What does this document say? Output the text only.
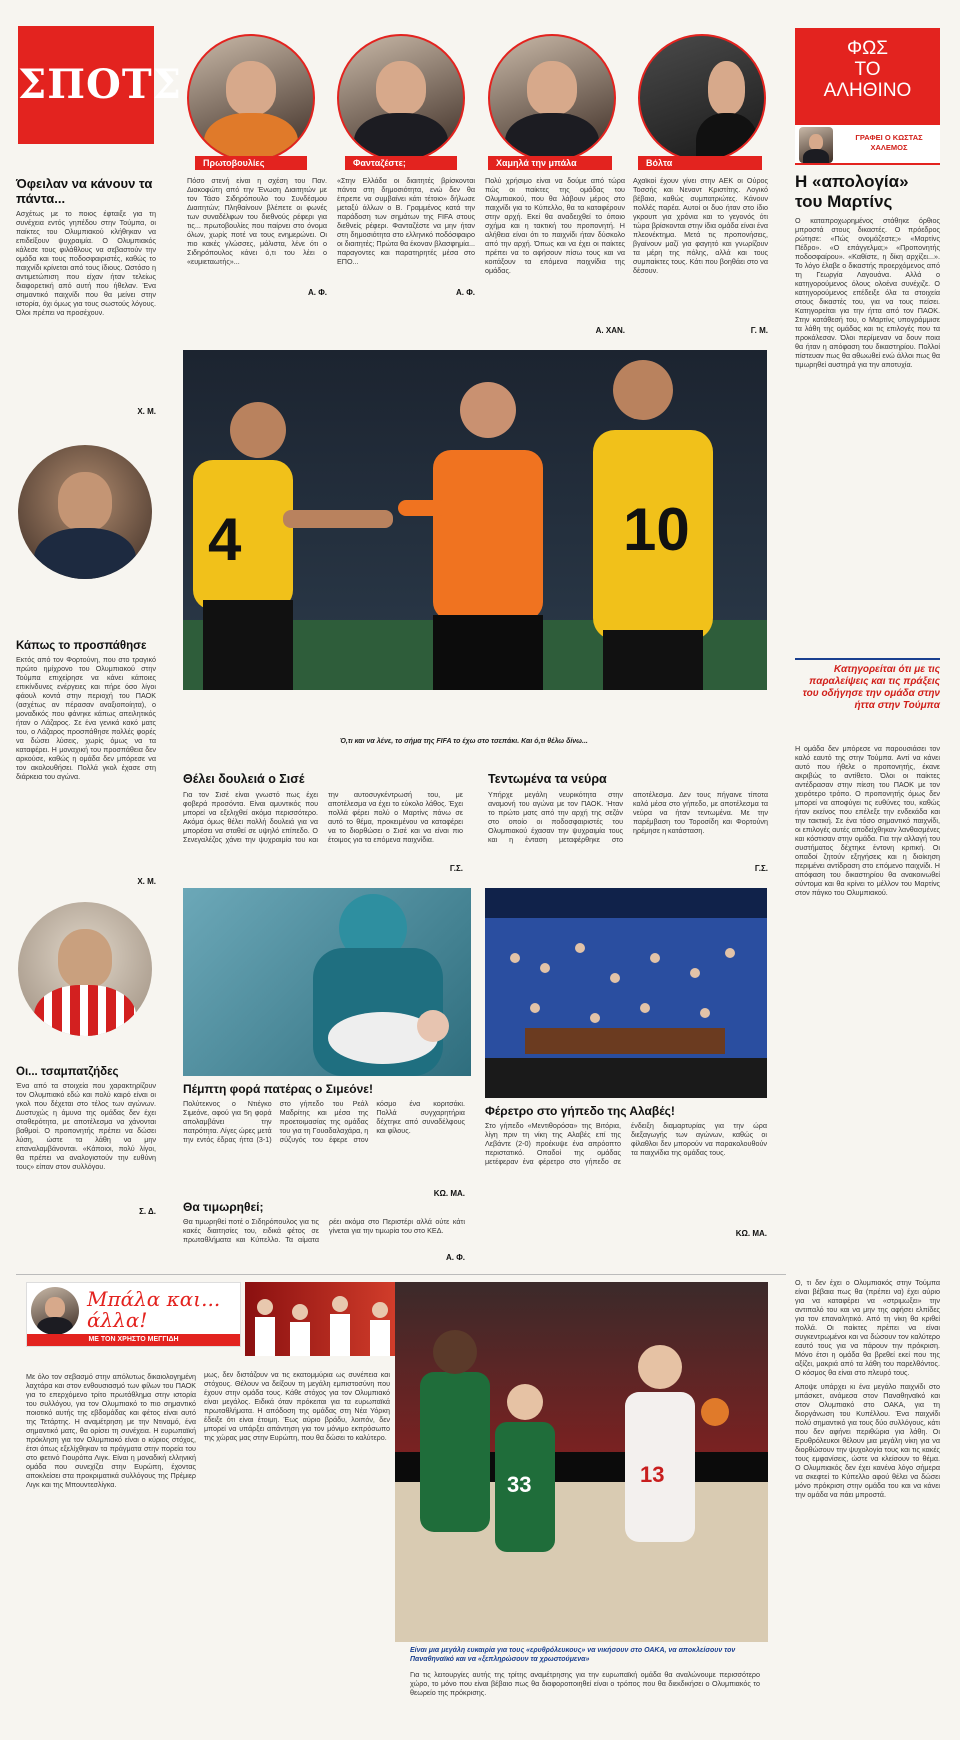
ΣΠΟΤΣ
Πρωτοβουλίες	Φανταζέστε;	Χαμηλά την μπάλα	Βόλτα
Πόσο στενή είναι η σχέση του Παν. Διακοφώτη από την Ένωση Διαιτητών με τον Τάσο Σιδηρόπουλο του Συνδέσμου Διαιτητών; Πληθαίνουν βλέπετε οι φωνές των συναδέλφων του διεθνούς ρέφερι για τις... πρωτοβουλίες που παίρνει στο όνομα όλων, χωρίς ποτέ να τους ενημερώνει. Οι πιο κακές γλώσσες, μάλιστα, λένε ότι ο Σιδηρόπουλος κάνει ό,τι του λέει ο «ευμιεταωτής»...
Α. Φ.
«Στην Ελλάδα οι διαιτητές βρίσκονται πάντα στη δημοσιότητα, ενώ δεν θα έπρεπε να συμβαίνει κάτι τέτοιο» δήλωσε μεταξύ άλλων ο Β. Γραμμένος κατά την παράδοση των σημάτων της FIFA στους διεθνείς ρέφερι. Φανταζέστε να μην ήταν στη δημοσιότητα στο ελληνικό ποδόσφαιρο οι διαιτητές; Πρώτα θα έκοναν βλασφημία... παραγοντες και παρατηρητές μέσα στο ΕΠΟ...
Α. Φ.
Πολύ χρήσιμο είναι να δούμε από τώρα πώς οι παίκτες της ομάδας του Ολυμπιακού, που θα λάβουν μέρος στο παιχνίδι για το Κύπελλο, θα τα καταφέρουν στην αρχή. Εκεί θα αναδειχθεί το όποιο σχήμα και η τακτική του προπονητή. Η αλήθεια είναι ότι το παιχνίδι ήταν δύσκολο από την αρχή. Όπως και να έχει οι παίκτες πρέπει να το αφήσουν πίσω τους και να κοιτάξουν τα επόμενα παιχνίδια της ομάδας.
Α. ΧΑΝ.
Αχαϊκοί έχουν γίνει στην ΑΕΚ οι Ούρος Τοσσής και Νεναντ Κριστίτης. Λογικό βέβαια, καθώς συμπατριώτες. Κάνουν πολλές παρέα. Αυτοί οι δυο ήταν στο ίδιο γκρουπ για χρόνια και το γεγονός ότι τώρα βρίσκονται στην ίδια ομάδα είναι ένα πλεονέκτημα. Μετά τις προπονήσεις, βγαίνουν μαζί για φαγητό και γνωρίζουν τα μέρη της πόλης, αλλά και τους συμπαίκτες τους. Κάτι που βοηθάει στο να δέσουν.
Γ. Μ.
Όφειλαν να κάνουν τα πάντα...
Ασχέτως με το ποιος έφταιξε για τη συνέχεια εντός γηπέδου στην Τούμπα, οι παίκτες του Ολυμπιακού κλήθηκαν να επιδείξουν ψυχραιμία. Ο Ολυμπιακός κάλεσε τους φιλάθλους να σεβαστούν την ομάδα και τους ποδοσφαιριστές, καθώς το παιχνίδι κρίνεται από τους ίδιους. Ωστόσο η αντιμετώπιση που είχαν ήταν τελείως διαφορετική από αυτή που ήθελαν. Ένα σημαντικό παιχνίδι που θα μείνει στην ιστορία, όχι όμως για τους σωστούς λόγους. Όλοι πρέπει να προσέχουν.
Χ. Μ.
Κάπως το προσπάθησε
Εκτός από τον Φορτούνη, που στο τραγικό πρώτο ημίχρονο του Ολυμπιακού στην Τούμπα επιχείρησε να κάνει κάποιες επικίνδυνες ενέργειες και πήρε όσο λίγοι φάουλ κοντά στην περιοχή του ΠΑΟΚ (ασχέτως αν πέρασαν αναξιοποίητα), ο μοναδικός που φάνηκε κάπως απειλητικός ήταν ο Λάζαρος. Σε ένα γενικά κακό ματς του, ο Λάζαρος προσπάθησε πολλές φορές να δώσει λύσεις, χωρίς όμως να τα καταφέρει. Η μοναχική του προσπάθεια δεν αρκούσε, καθώς η ομάδα δεν μπόρεσε να τον ακολουθήσει. Πολλά γκολ έχασε στη διάρκεια του αγώνα.
Χ. Μ.
Οι... τσαμπατζήδες
Ένα από τα στοιχεία που χαρακτηρίζουν τον Ολυμπιακό εδώ και πολύ καιρό είναι οι γκολ που δέχεται στο τέλος των αγώνων. Δυστυχώς η άμυνα της ομάδας δεν έχει σταθερότητα, με αποτέλεσμα να χάνονται βαθμοί. Ο προπονητής πρέπει να δώσει λύση, ώστε τα λάθη να μην επαναλαμβάνονται. «Κάποιοι, πολύ λίγοι, θα πρέπει να αναλογιστούν την ευθύνη τους» είπαν στον συλλόγου.
Σ. Δ.
4	10
Ό,τι και να λένε, το σήμα της FIFA το έχω στο τσεπάκι. Και ό,τι θέλω δίνω...
Θέλει δουλειά ο Σισέ
Για τον Σισέ είναι γνωστό πως έχει φοβερά προσόντα. Είναι αμυντικός που μπορεί να εξελιχθεί ακόμα περισσότερο. Ακόμα όμως θέλει πολλή δουλειά για να μπορέσει να σταθεί σε υψηλό επίπεδο. Ο Σενεγαλέζος χάνει την ψυχραιμία του και την αυτοσυγκέντρωσή του, με αποτέλεσμα να έχει το εύκολο λάθος. Έχει πολλά φέρει πολύ ο Μαρτίνς πάνω σε αυτό το θέμα, προκειμένου να καταφέρει να το διορθώσει ο Σισέ και να είναι πιο έτοιμος για τα επόμενα παιχνίδια.
Γ.Σ.
Τεντωμένα τα νεύρα
Υπήρχε μεγάλη νευρικότητα στην αναμονή του αγώνα με τον ΠΑΟΚ. Ήταν το πρώτο ματς από την αρχή της σεζόν στο οποίο οι ποδοσφαιριστές του Ολυμπιακού έχασαν την ψυχραιμία τους και η ένταση μεταφέρθηκε στο αποτέλεσμα. Δεν τους πήγαινε τίποτα καλά μέσα στο γήπεδο, με αποτέλεσμα τα νεύρα να ήταν τεντωμένα. Με την παρέμβαση του Τοροσίδη και Φορτούνη ηρέμησε η κατάσταση.
Γ.Σ.
Πέμπτη φορά πατέρας ο Σιμεόνε!
Πολύτεκνος ο Ντιέγκο Σιμεόνε, αφού για 5η φορά απολαμβάνει την πατρότητα. Λίγες ώρες μετά την εντός έδρας ήττα (3-1) στο γήπεδο του Ρεάλ Μαδρίτης και μέσα της προετοιμασίας της ομάδας του για τη Γουαδαλαχάρα, η σύζυγός του έφερε στον κόσμο ένα κοριτσάκι. Πολλά συγχαρητήρια δέχτηκε από συναδέλφους και φίλους.
ΚΩ. ΜΑ.
Θα τιμωρηθεί;
Θα τιμωρηθεί ποτέ ο Σιδηρόπουλος για τις κακές διαιτησίες του, ειδικά φέτος σε πρωταθλήματα και Κύπελλο. Τα αίματα ρέει ακόμα στο Περιστέρι αλλά ούτε κάτι γίνεται για την τιμωρία του στο ΚΕΔ.
Α. Φ.
Φέρετρο στο γήπεδο της Αλαβές!
Στο γήπεδο «Μεντιθορόσα» της Βιτόρια, λίγη πριν τη νίκη της Αλαβές επί της Λεβάντε (2-0) προέκυψε ένα απρόοπτο περιστατικό. Οπαδοί της ομάδας μετέφεραν ένα φέρετρο στο γήπεδο σε ένδειξη διαμαρτυρίας για την ώρα διεξαγωγής των αγώνων, καθώς οι φίλαθλοι δεν μπορούν να παρακολουθούν τα παιχνίδια της ομάδας τους.
ΚΩ. ΜΑ.
ΦΩΣ
ΤΟ
ΑΛΗΘΙΝΟ
ΓΡΑΦΕΙ Ο ΚΩΣΤΑΣ ΧΑΛΕΜΟΣ
Η «απολογία» του Μαρτίνς
Ο καταπροχωρημένος στάθηκε όρθιος μπροστά στους δικαστές. Ο πρόεδρος ρώτησε: «Πώς ονομάζεστε;» «Μαρτίνς Πέδρο». «Ο επάγγελμα;» «Προπονητής ποδοσφαίρου». «Καθίστε, η δίκη αρχίζει...». Το λόγο έλαβε ο δικαστής προερχόμενος από τη Γεωργία Λαγουάνα. Αλλά ο κατηγορούμενος όλους ολοένα συνέχιζε. Ο κατηγορούμενος επέδειξε όλα τα στοιχεία στους δικαστές του, για να τους πείσει. Κατηγορείται για την ήττα από τον ΠΑΟΚ. Στην κατάθεσή του, ο Μαρτίνς υπογράμμισε τα λάθη της ομάδας και τις επιλογές που τα προκάλεσαν. Όλοι περίμεναν να δουν ποια θα ήταν η απόφαση του δικαστηρίου. Πολλοί πίστευαν πως θα αθωωθεί ενώ άλλοι πως θα τιμωρηθεί αυστηρά για την αποτυχία.
Κατηγορείται ότι με τις παραλείψεις και τις πράξεις του οδήγησε την ομάδα στην ήττα στην Τούμπα
Η ομάδα δεν μπόρεσε να παρουσιάσει τον καλό εαυτό της στην Τούμπα. Αντί να κάνει αυτό που ήθελε ο προπονητής, έκανε ακριβώς το αντίθετο. Όλοι οι παίκτες αντέδρασαν στην πίεση του ΠΑΟΚ με τον χειρότερο τρόπο. Ο προπονητής όμως δεν μπορεί να αποφύγει τις ευθύνες του, καθώς ήταν εκείνος που επέλεξε την ενδεκάδα και την τακτική. Σε ένα τόσο σημαντικό παιχνίδι, οι επιλογές αυτές αποδείχθηκαν λανθασμένες και κόστισαν στην ομάδα. Για την αλλαγή του συστήματος δέχτηκε έντονη κριτική. Οι οπαδοί ζητούν εξηγήσεις και η διοίκηση περιμένει αντίδραση στο επόμενο παιχνίδι. Η απόφαση του δικαστηρίου θα ανακοινωθεί σύντομα και θα κρίνει το μέλλον του Μαρτίνς στον πάγκο του Ολυμπιακού.
Μπάλα και... άλλα!
ΜΕ ΤΟΝ ΧΡΗΣΤΟ ΜΕΓΓΙΔΗ
33	13
Είναι μια μεγάλη ευκαιρία για τους «ερυθρόλευκους» να νικήσουν στο ΟΑΚΑ, να αποκλείσουν τον Παναθηναϊκό και να «ξεπληρώσουν τα χρωστούμενα»
Με όλο τον σεβασμό στην απόλυτως δικαιολογημένη λαχτάρα και στον ενθουσιασμό των φίλων του ΠΑΟΚ για το επερχόμενο τρίτο πρωτάθλημα στην ιστορία του συλλόγου, για τον Ολυμπιακό το πιο σημαντικό ποιοτικό αυτής της εβδομάδας και φέτος είναι αυτό της Τετάρτης. Η αναμέτρηση με την Ντιναμό, ένα σημαντικό ματς, θα ορίσει τη συνέχεια. Η ευρωπαϊκή πρόκληση για τον Ολυμπιακό είναι ο κύριος στόχος, έτσι όπως εξελίχθηκαν τα πράγματα στην πορεία του στο φετινό Γιουρόπα Λιγκ. Είναι η μοναδική ελληνική ομάδα που συνεχίζει στην Ευρώπη, έχοντας αποκλείσει στα προκριματικά συλλόγους της Πρέμιερ Λιγκ και της Μπουντεσλίγκα.
μως, δεν διστάζουν να τις εκατομμύρια ως συνέπεια και στόχους. Θέλουν να δείξουν τη μεγάλη εμπιστοσύνη που έχουν στην ομάδα τους. Κάθε στόχος για τον Ολυμπιακό είναι μεγάλος. Ειδικά όταν πρόκειται για τα ευρωπαϊκά πρωταθλήματα. Η απόδοση της ομάδας στη Νέα Υόρκη έδειξε ότι είναι έτοιμη. Έως αύριο βράδυ, λοιπόν, δεν μπορεί να υπάρξει απάντηση για τον μόνιμο εκπρόσωπο της χώρας μας στην Ευρώπη, που θα δώσει το καλύτερο.
Για τις λειτουργίες αυτής της τρίτης αναμέτρησης για την ευρωπαϊκή ομάδα θα αναλώνουμε περισσότερο χώρο, το μόνο που είναι βέβαιο πως θα διαφοροποιηθεί είναι ο τρόπος που θα διεκδικήσει ο Ολυμπιακός το θεωρείο της πρόκρισης.
Ο, τι δεν έχει ο Ολυμπιακός στην Τούμπα είναι βέβαια πως θα (πρέπει να) έχει αύριο για να καταφέρει να «στριμωξει» την αντιπαλό του και να μην της αφήσει ελπίδες για τον επαναλητικό. Από τη νίκη θα κριθεί πολλά. Οι παίκτες πρέπει να είναι συγκεντρωμένοι και να δώσουν τον καλύτερο εαυτό τους για να πάρουν την πρόκριση. Μόνο έτσι η ομάδα θα βρεθεί εκεί που της αξίζει, μακριά από τα λάθη του παρελθόντος. Ο κόσμος θα είναι στο πλευρό τους.
Αποψε υπάρχει κι ένα μεγάλο παιχνίδι στο μπάσκετ, ανάμεσα στον Παναθηναϊκό και στον Ολυμπιακό στο ΟΑΚΑ, για τη διοργάνωση του Κυπέλλου. Ένα παιχνίδι πολύ σημαντικό για τους δύο συλλόγους, κάτι που δεν αφήνει περιθώρια για λάθη. Οι Ερυθρόλευκοι θέλουν μια μεγάλη νίκη για να διορθώσουν την ψυχολογία τους και τις κακές τους εμφανίσεις, ώστε να κλείσουν το θέμα. Ο Ολυμπιακός δεν έχει κανένα λόγο σήμερα να σκεφτεί το Κύπελλο αφού θέλει να δώσει μόνο πρόκριση στην ομάδα του και να κάνει την ομάδα να πάει μπροστά.
